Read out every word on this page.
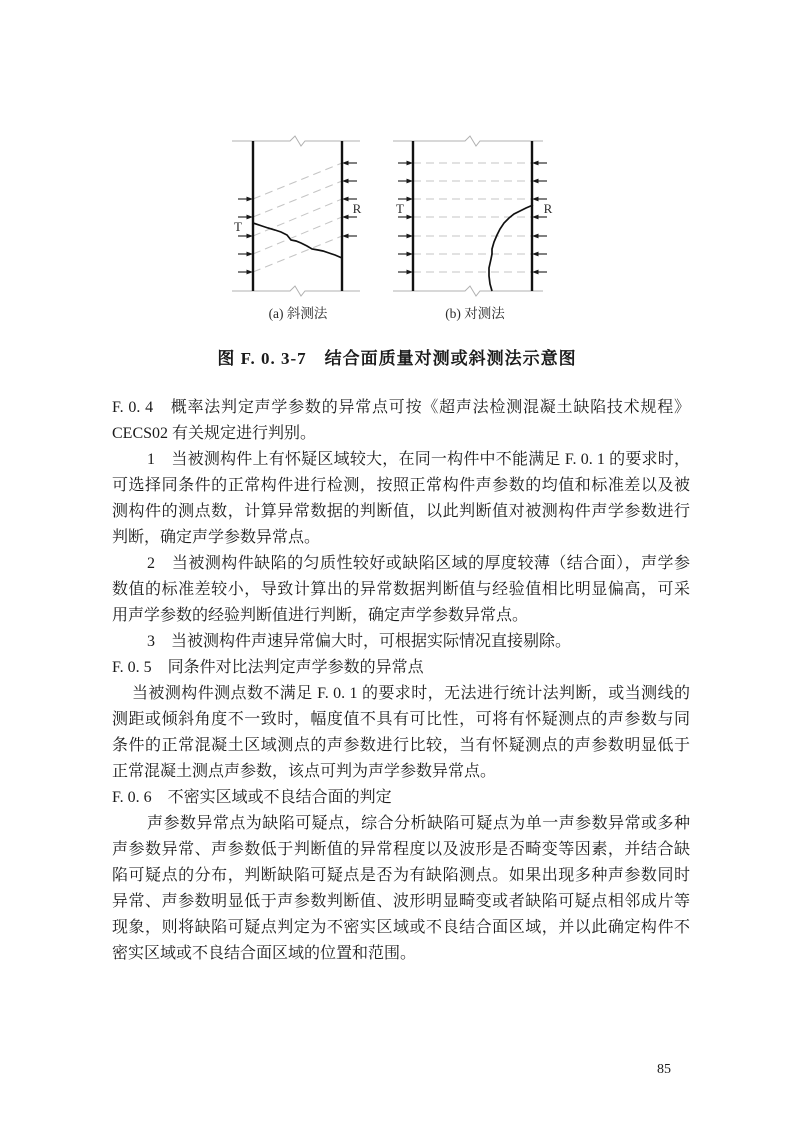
T
R
(a) 斜测法
T	R
(b) 对测法
图 F. 0. 3-7　结合面质量对测或斜测法示意图
F. 0. 4　概率法判定声学参数的异常点可按《超声法检测混凝土缺陷技术规程》
CECS02 有关规定进行判别。
1　当被测构件上有怀疑区域较大，在同一构件中不能满足 F. 0. 1 的要求时，
可选择同条件的正常构件进行检测，按照正常构件声参数的均值和标准差以及被
测构件的测点数，计算异常数据的判断值，以此判断值对被测构件声学参数进行
判断，确定声学参数异常点。
2　当被测构件缺陷的匀质性较好或缺陷区域的厚度较薄（结合面），声学参
数值的标准差较小，导致计算出的异常数据判断值与经验值相比明显偏高，可采
用声学参数的经验判断值进行判断，确定声学参数异常点。
3　当被测构件声速异常偏大时，可根据实际情况直接剔除。
F. 0. 5　同条件对比法判定声学参数的异常点
当被测构件测点数不满足 F. 0. 1 的要求时，无法进行统计法判断，或当测线的
测距或倾斜角度不一致时，幅度值不具有可比性，可将有怀疑测点的声参数与同
条件的正常混凝土区域测点的声参数进行比较，当有怀疑测点的声参数明显低于
正常混凝土测点声参数，该点可判为声学参数异常点。
F. 0. 6　不密实区域或不良结合面的判定
声参数异常点为缺陷可疑点，综合分析缺陷可疑点为单一声参数异常或多种
声参数异常、声参数低于判断值的异常程度以及波形是否畸变等因素，并结合缺
陷可疑点的分布，判断缺陷可疑点是否为有缺陷测点。如果出现多种声参数同时
异常、声参数明显低于声参数判断值、波形明显畸变或者缺陷可疑点相邻成片等
现象，则将缺陷可疑点判定为不密实区域或不良结合面区域，并以此确定构件不
密实区域或不良结合面区域的位置和范围。
85
